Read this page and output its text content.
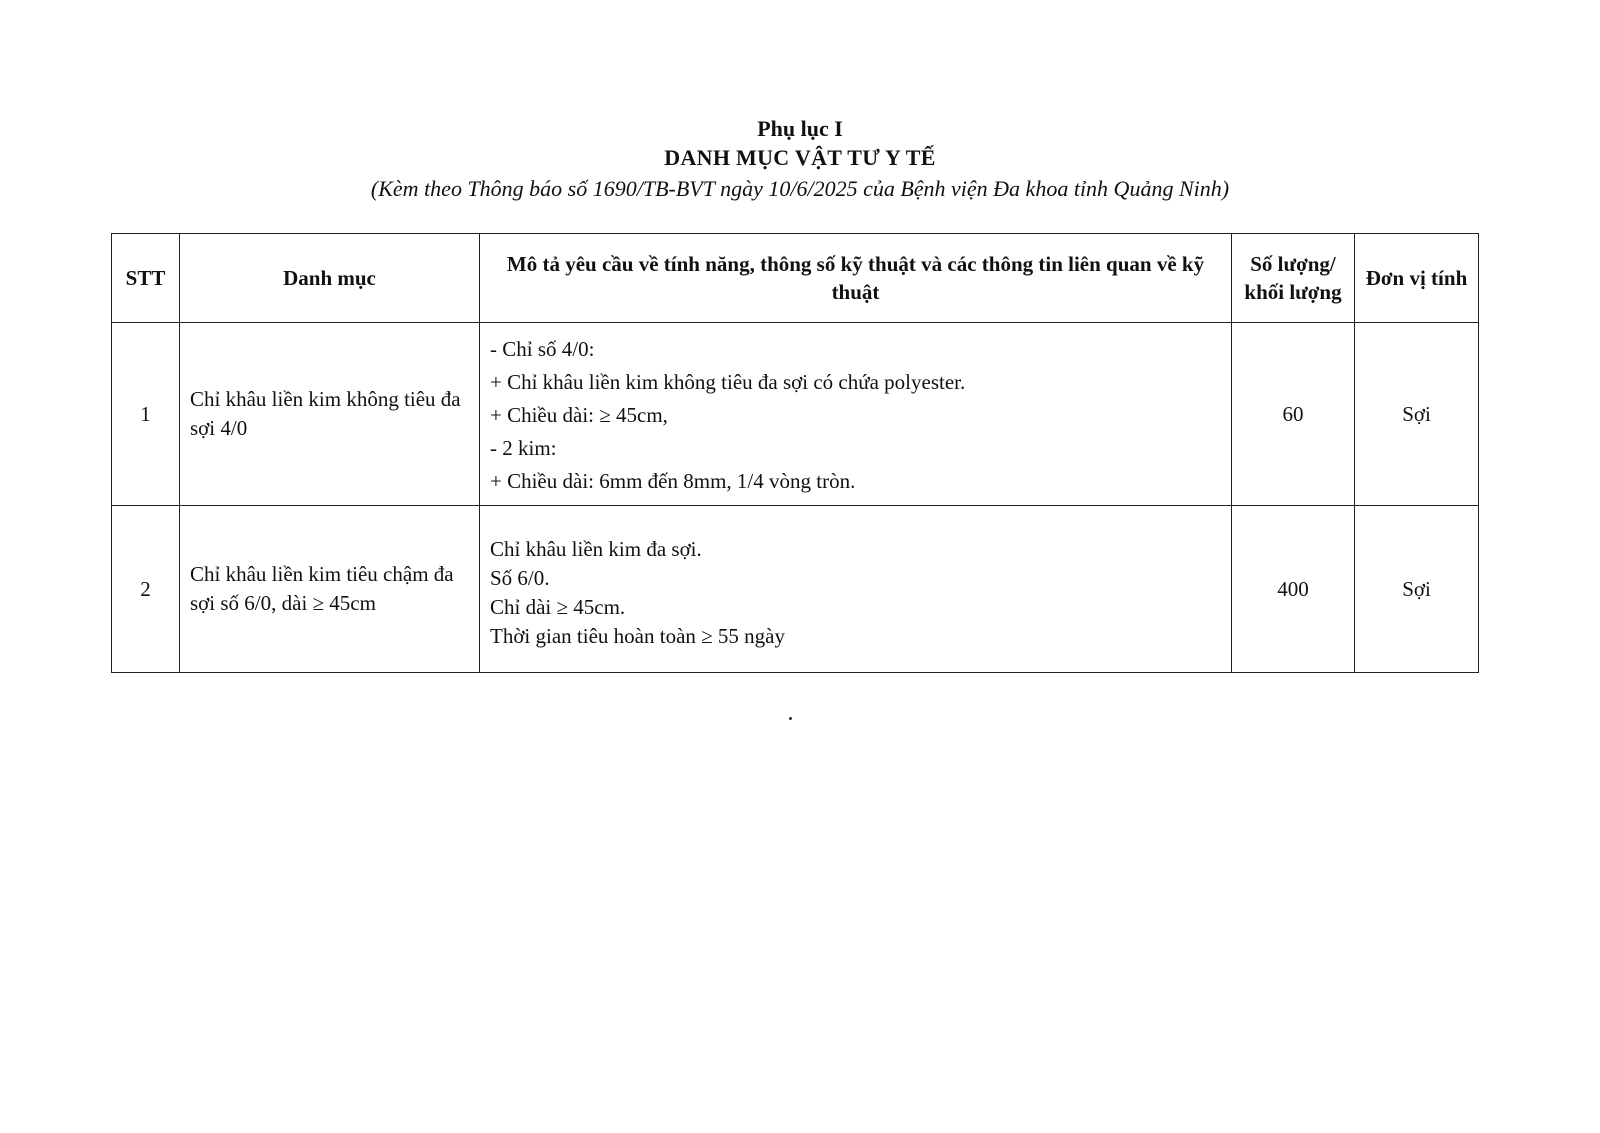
Phụ lục I
DANH MỤC VẬT TƯ Y TẾ
(Kèm theo Thông báo số 1690/TB-BVT ngày 10/6/2025 của Bệnh viện Đa khoa tỉnh Quảng Ninh)
STT	Danh mục	Mô tả yêu cầu về tính năng, thông số kỹ thuật và các thông tin liên quan về kỹ thuật	Số lượng/ khối lượng	Đơn vị tính
1	Chỉ khâu liền kim không tiêu đa sợi 4/0	- Chỉ số 4/0:
+ Chỉ khâu liền kim không tiêu đa sợi có chứa polyester.
+ Chiều dài: ≥ 45cm,
- 2 kim:
+ Chiều dài: 6mm đến 8mm, 1/4 vòng tròn.	60	Sợi
2	Chỉ khâu liền kim tiêu chậm đa sợi số 6/0, dài ≥ 45cm	Chỉ khâu liền kim đa sợi.
Số 6/0.
Chỉ dài ≥ 45cm.
Thời gian tiêu hoàn toàn ≥ 55 ngày	400	Sợi
